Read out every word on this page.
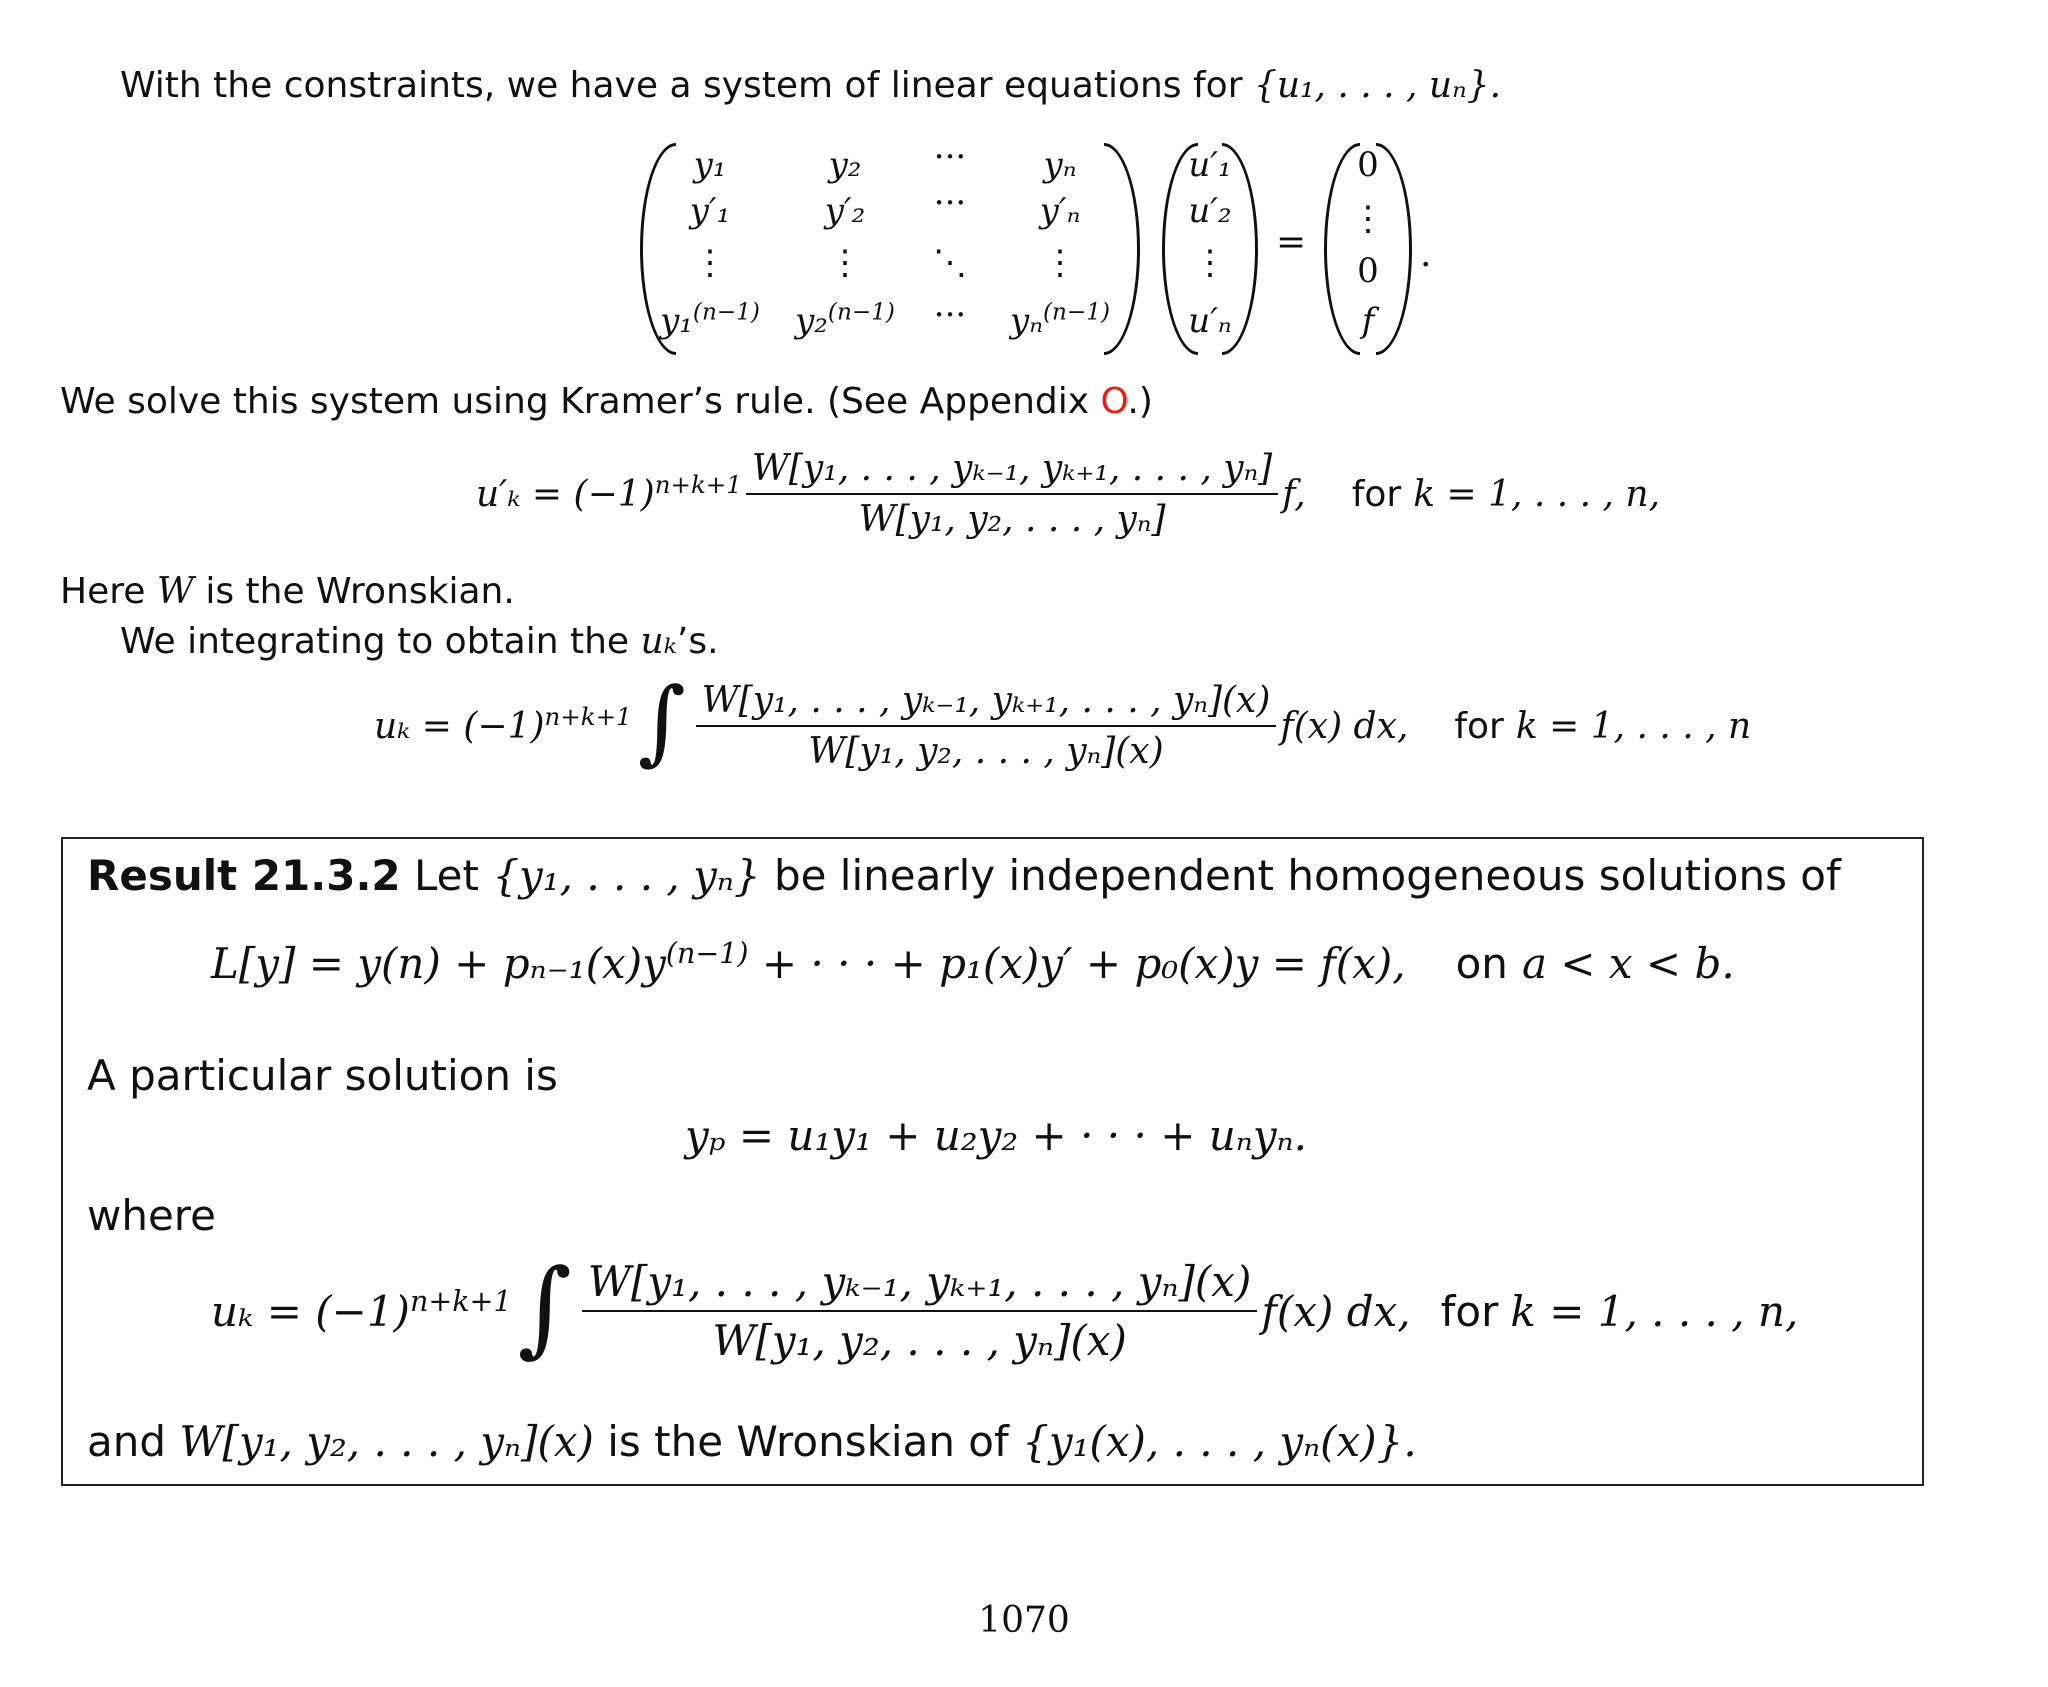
With the constraints, we have a system of linear equations for {u₁, . . . , uₙ}.
y₁	y₂ ··· yₙ
y′₁	y′₂ ··· y′ₙ
⋮	⋮ ⋱ ⋮
y₁$^{(n-1)}$ y₂$^{(n-1)}$ ··· yₙ$^{(n-1)}$
u′₁
u′₂
⋮
u′ₙ
=
0
⋮
0
f
.
We solve this system using Kramer’s rule. (See Appendix O.)
$u'_k = (-1)^{n+k+1} \frac{\text{W[y₁, . . . , yₖ₋₁, yₖ₊₁, . . . , yₙ]}}{\text{W[y₁, y₂, . . . , yₙ]}} f$, for k = 1, . . . , n,
Here W is the Wronskian.
We integrating to obtain the uₖ’s.
$u_k = (-1)^{n+k+1}$ ∫ $\frac{\text{W[y₁, . . . , yₖ₋₁, yₖ₊₁, . . . , yₙ](x)}}{\text{W[y₁, y₂, . . . , yₙ](x)}} f(x)$ dx, for k = 1, . . . , n
Result 21.3.2 Let {y₁, . . . , yₙ} be linearly independent homogeneous solutions of
$L[y] = y(n) + p_{n-1}(x)y^{(n-1)}$ + · · · + p₁(x)y′ + p₀(x)y = f(x), on a < x < b.
A particular solution is
yₚ = u₁y₁ + u₂y₂ + · · · + uₙyₙ.
where
$u_k = (-1)^{n+k+1}$ ∫ $\frac{\text{W[y₁, . . . , yₖ₋₁, yₖ₊₁, . . . , yₙ](x)}}{\text{W[y₁, y₂, . . . , yₙ](x)}} f(x)$ dx, for k = 1, . . . , n,
and W[y₁, y₂, . . . , yₙ](x) is the Wronskian of {y₁(x), . . . , yₙ(x)}.
1070
